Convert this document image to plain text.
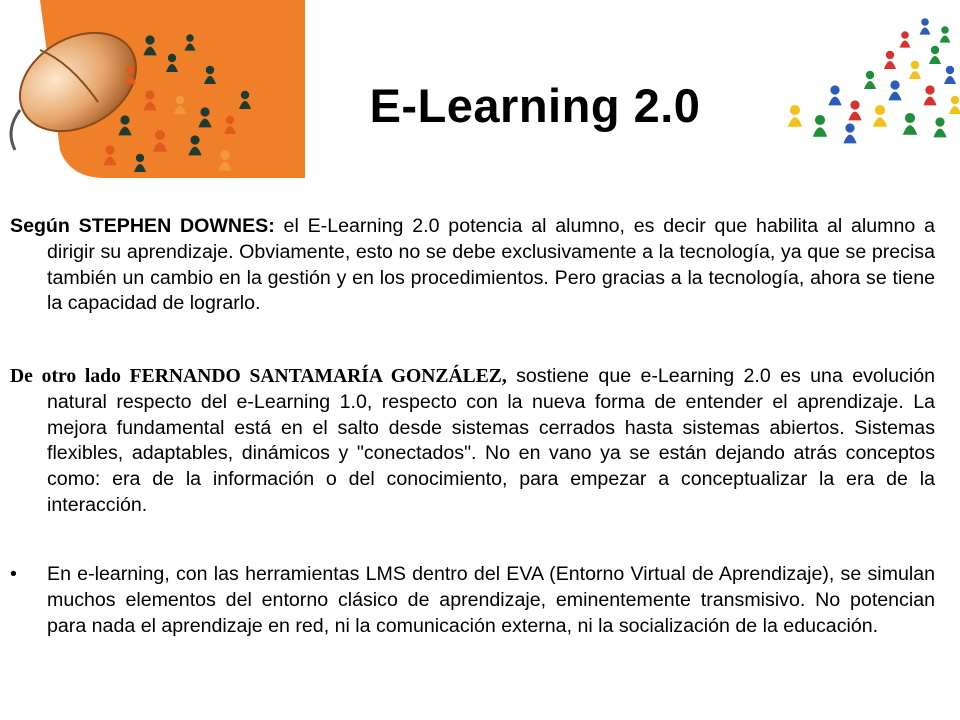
E-Learning 2.0
Según STEPHEN DOWNES: el E-Learning 2.0 potencia al alumno, es decir que habilita al alumno a dirigir su aprendizaje. Obviamente, esto no se debe exclusivamente a la tecnología, ya que se precisa también un cambio en la gestión y en los procedimientos. Pero gracias a la tecnología, ahora se tiene la capacidad de lograrlo.
De otro lado FERNANDO SANTAMARÍA GONZÁLEZ, sostiene que e-Learning 2.0 es una evolución natural respecto del e-Learning 1.0, respecto con la nueva forma de entender el aprendizaje. La mejora fundamental está en el salto desde sistemas cerrados hasta sistemas abiertos. Sistemas flexibles, adaptables, dinámicos y "conectados". No en vano ya se están dejando atrás conceptos como: era de la información o del conocimiento, para empezar a conceptualizar la era de la interacción.
• En e-learning, con las herramientas LMS dentro del EVA (Entorno Virtual de Aprendizaje), se simulan muchos elementos del entorno clásico de aprendizaje, eminentemente transmisivo. No potencian para nada el aprendizaje en red, ni la comunicación externa, ni la socialización de la educación.
